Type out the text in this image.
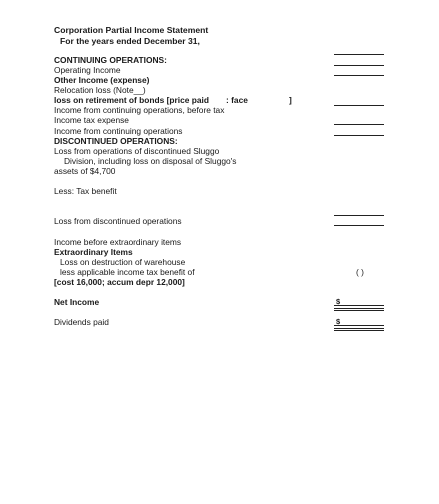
Corporation Partial Income Statement
For the years ended December 31,
CONTINUING OPERATIONS:
Operating Income
Other Income (expense)
Relocation loss (Note__)
loss on retirement of bonds [price paid : face	]
Income from continuing operations, before tax
Income tax expense
Income from continuing operations
DISCONTINUED OPERATIONS:
Loss from operations of discontinued Sluggo
Division, including loss on disposal of Sluggo's
assets of $4,700
Less: Tax benefit
Loss from discontinued operations
Income before extraordinary items
Extraordinary Items
Loss on destruction of warehouse
less applicable income tax benefit of	( )
[cost 16,000; accum depr 12,000]
Net Income	$
Dividends paid	$
